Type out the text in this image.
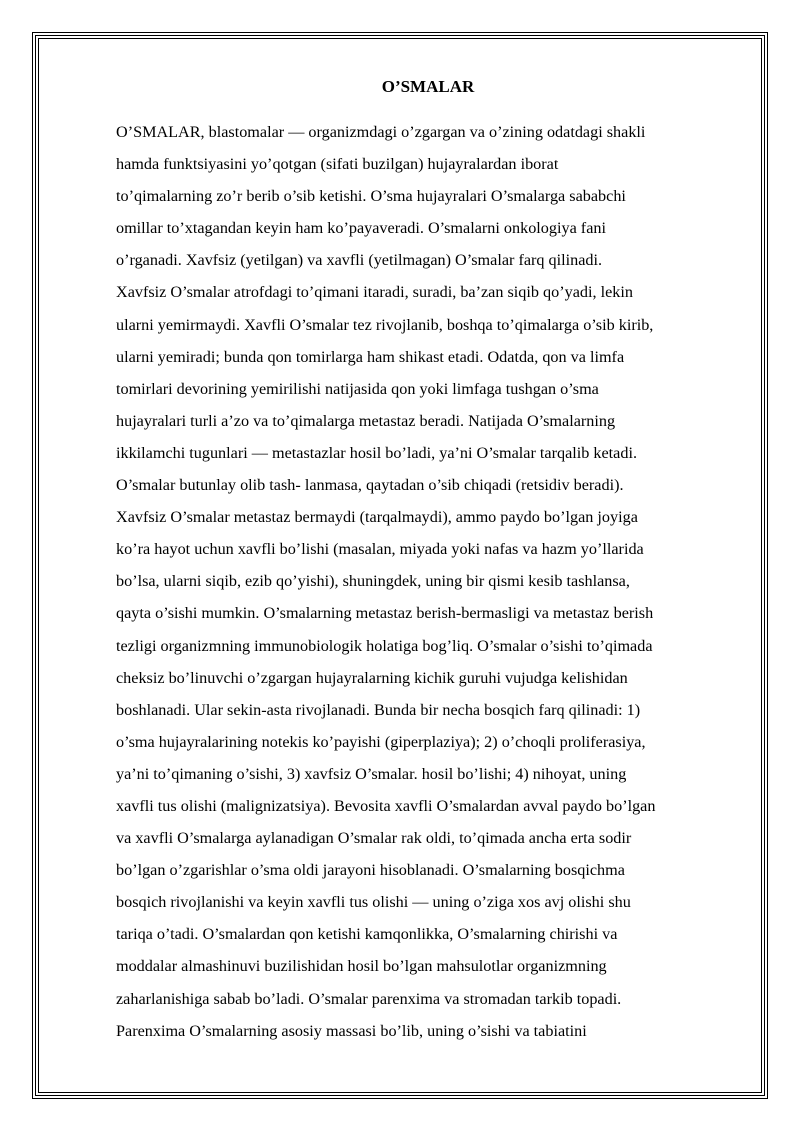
O’SMALAR
O’SMALAR, blastomalar — organizmdagi o’zgargan va o’zining odatdagi shakli
hamda funktsiyasini yo’qotgan (sifati buzilgan) hujayralardan iborat
to’qimalarning zo’r berib o’sib ketishi. O’sma hujayralari O’smalarga sababchi
omillar to’xtagandan keyin ham ko’payaveradi. O’smalarni onkologiya fani
o’rganadi. Xavfsiz (yetilgan) va xavfli (yetilmagan) O’smalar farq qilinadi.
Xavfsiz O’smalar atrofdagi to’qimani itaradi, suradi, ba’zan siqib qo’yadi, lekin
ularni yemirmaydi. Xavfli O’smalar tez rivojlanib, boshqa to’qimalarga o’sib kirib,
ularni yemiradi; bunda qon tomirlarga ham shikast etadi. Odatda, qon va limfa
tomirlari devorining yemirilishi natijasida qon yoki limfaga tushgan o’sma
hujayralari turli a’zo va to’qimalarga metastaz beradi. Natijada O’smalarning
ikkilamchi tugunlari — metastazlar hosil bo’ladi, ya’ni O’smalar tarqalib ketadi.
O’smalar butunlay olib tash- lanmasa, qaytadan o’sib chiqadi (retsidiv beradi).
Xavfsiz O’smalar metastaz bermaydi (tarqalmaydi), ammo paydo bo’lgan joyiga
ko’ra hayot uchun xavfli bo’lishi (masalan, miyada yoki nafas va hazm yo’llarida
bo’lsa, ularni siqib, ezib qo’yishi), shuningdek, uning bir qismi kesib tashlansa,
qayta o’sishi mumkin. O’smalarning metastaz berish-bermasligi va metastaz berish
tezligi organizmning immunobiologik holatiga bog’liq. O’smalar o’sishi to’qimada
cheksiz bo’linuvchi o’zgargan hujayralarning kichik guruhi vujudga kelishidan
boshlanadi. Ular sekin-asta rivojlanadi. Bunda bir necha bosqich farq qilinadi: 1)
o’sma hujayralarining notekis ko’payishi (giperplaziya); 2) o’choqli proliferasiya,
ya’ni to’qimaning o’sishi, 3) xavfsiz O’smalar. hosil bo’lishi; 4) nihoyat, uning
xavfli tus olishi (malignizatsiya). Bevosita xavfli O’smalardan avval paydo bo’lgan
va xavfli O’smalarga aylanadigan O’smalar rak oldi, to’qimada ancha erta sodir
bo’lgan o’zgarishlar o’sma oldi jarayoni hisoblanadi. O’smalarning bosqichma
bosqich rivojlanishi va keyin xavfli tus olishi — uning o’ziga xos avj olishi shu
tariqa o’tadi. O’smalardan qon ketishi kamqonlikka, O’smalarning chirishi va
moddalar almashinuvi buzilishidan hosil bo’lgan mahsulotlar organizmning
zaharlanishiga sabab bo’ladi. O’smalar parenxima va stromadan tarkib topadi.
Parenxima O’smalarning asosiy massasi bo’lib, uning o’sishi va tabiatini
